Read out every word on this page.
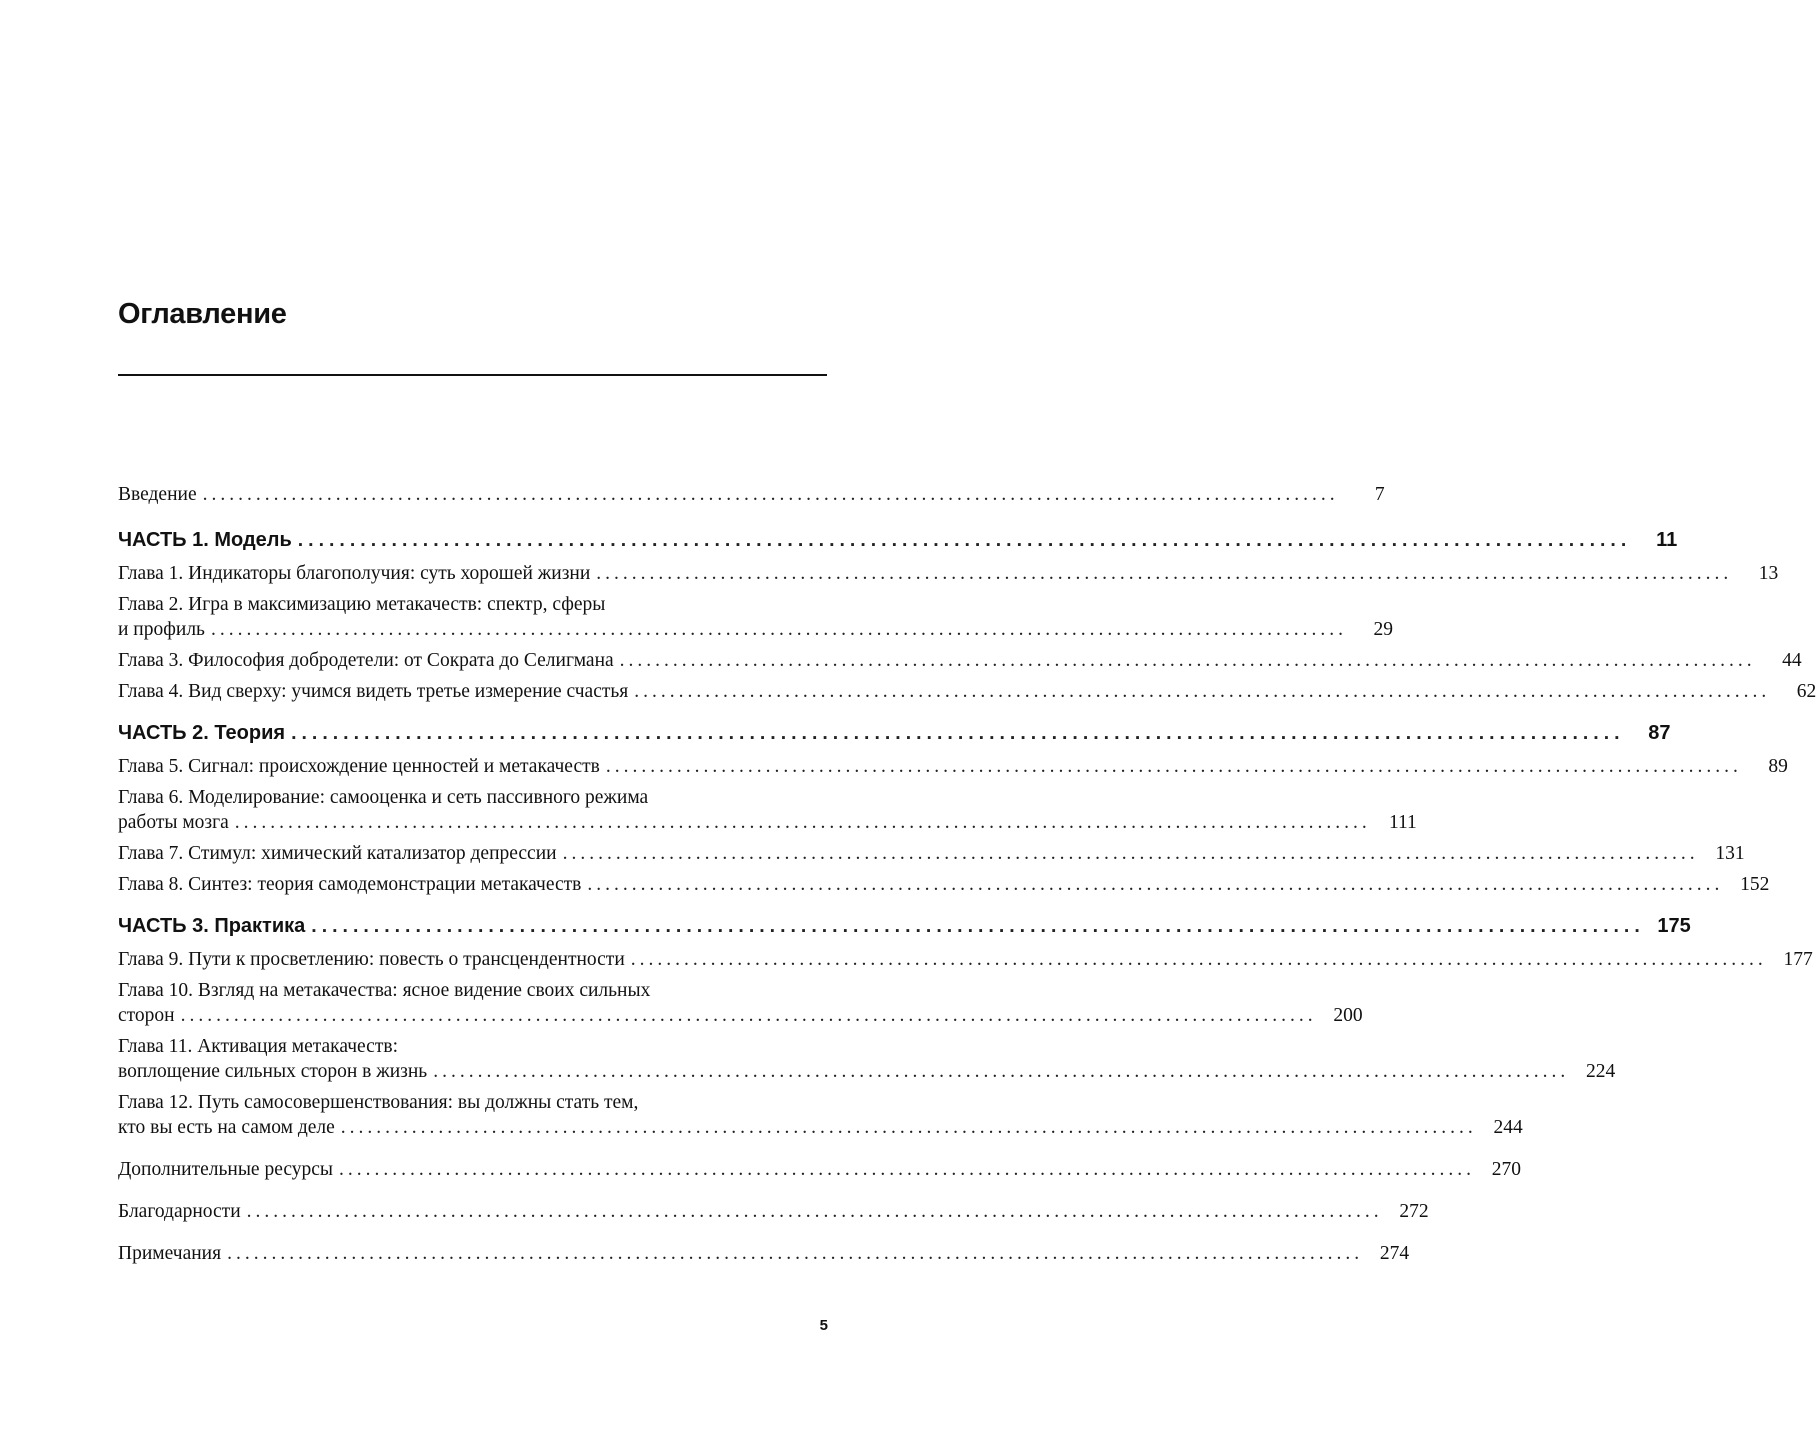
Оглавление
Введение ................................................................................................................................	7
ЧАСТЬ 1. Модель ................................................................................................................................	11
Глава 1. Индикаторы благополучия: суть хорошей жизни ................................................................................................................................	13
Глава 2. Игра в максимизацию метакачеств: спектр, сферы
и профиль ................................................................................................................................	29
Глава 3. Философия добродетели: от Сократа до Селигмана ................................................................................................................................	44
Глава 4. Вид сверху: учимся видеть третье измерение счастья ................................................................................................................................	62
ЧАСТЬ 2. Теория ................................................................................................................................	87
Глава 5. Сигнал: происхождение ценностей и метакачеств ................................................................................................................................	89
Глава 6. Моделирование: самооценка и сеть пассивного режима
работы мозга ................................................................................................................................ 111
Глава 7. Стимул: химический катализатор депрессии ................................................................................................................................ 131
Глава 8. Синтез: теория самодемонстрации метакачеств ................................................................................................................................ 152
ЧАСТЬ 3. Практика ................................................................................................................................ 175
Глава 9. Пути к просветлению: повесть о трансцендентности ................................................................................................................................ 177
Глава 10. Взгляд на метакачества: ясное видение своих сильных
сторон ................................................................................................................................ 200
Глава 11. Активация метакачеств:
воплощение сильных сторон в жизнь ................................................................................................................................ 224
Глава 12. Путь самосовершенствования: вы должны стать тем,
кто вы есть на самом деле ................................................................................................................................ 244
Дополнительные ресурсы ................................................................................................................................ 270
Благодарности ................................................................................................................................ 272
Примечания ................................................................................................................................ 274
5
